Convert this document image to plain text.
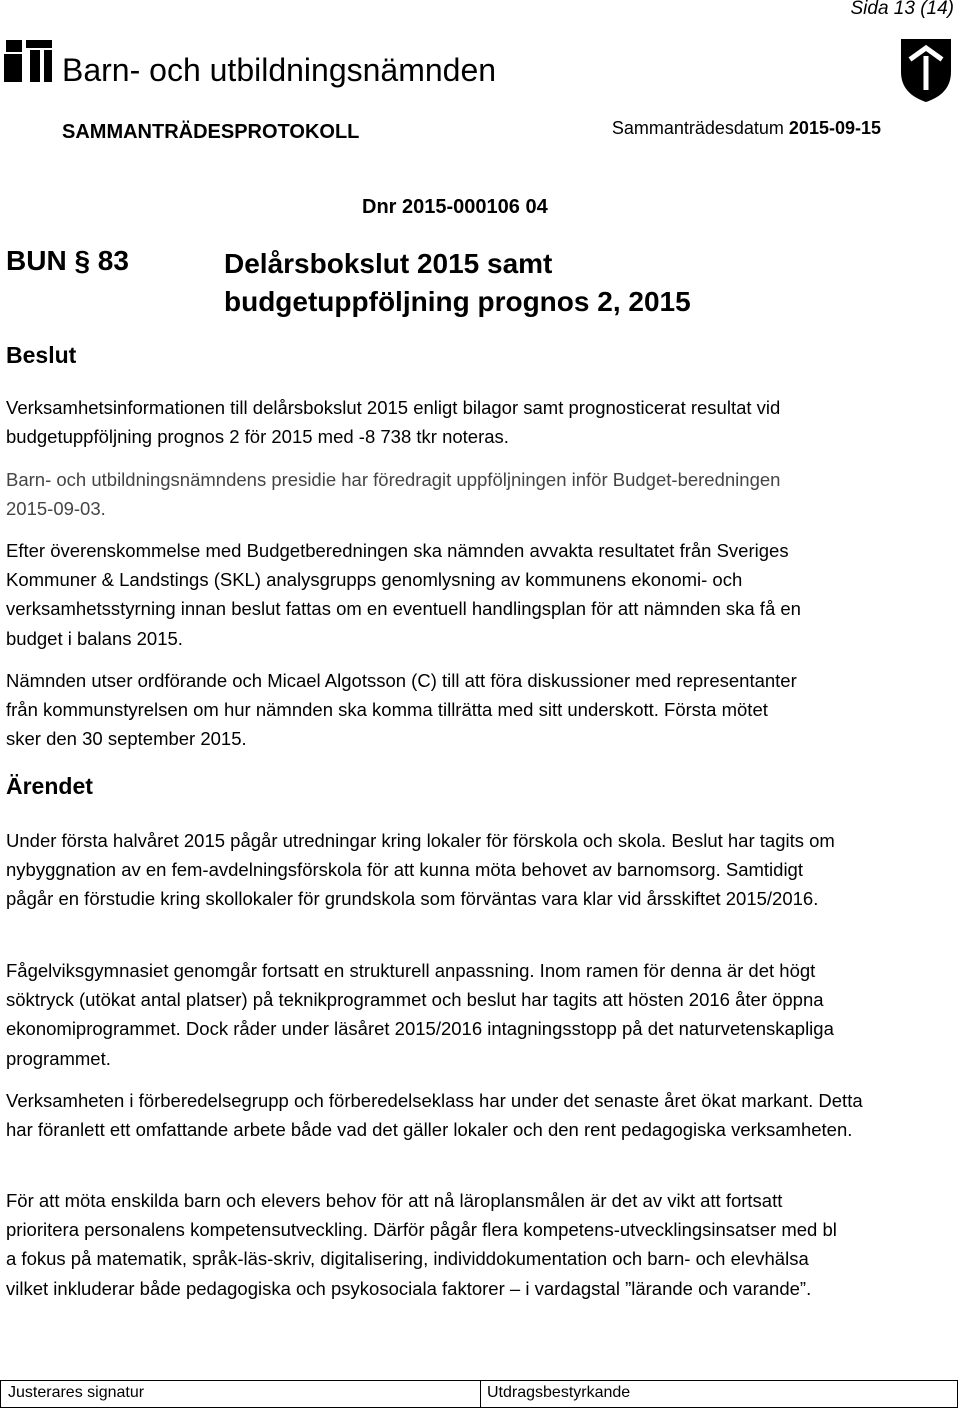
Sida 13 (14)
Barn- och utbildningsnämnden
SAMMANTRÄDESPROTOKOLL	Sammanträdesdatum 2015-09-15
Dnr 2015-000106 04
BUN § 83	Delårsbokslut 2015 samt
budgetuppföljning prognos 2, 2015
Beslut
Verksamhetsinformationen till delårsbokslut 2015 enligt bilagor samt prognosticerat resultat vid budgetuppföljning prognos 2 för 2015 med -8 738 tkr noteras.
Barn- och utbildningsnämndens presidie har föredragit uppföljningen inför Budget-beredningen 2015-09-03.
Efter överenskommelse med Budgetberedningen ska nämnden avvakta resultatet från Sveriges Kommuner & Landstings (SKL) analysgrupps genomlysning av kommunens ekonomi- och verksamhetsstyrning innan beslut fattas om en eventuell handlingsplan för att nämnden ska få en budget i balans 2015.
Nämnden utser ordförande och Micael Algotsson (C) till att föra diskussioner med representanter från kommunstyrelsen om hur nämnden ska komma tillrätta med sitt underskott. Första mötet sker den 30 september 2015.
Ärendet
Under första halvåret 2015 pågår utredningar kring lokaler för förskola och skola. Beslut har tagits om nybyggnation av en fem-avdelningsförskola för att kunna möta behovet av barnomsorg. Samtidigt pågår en förstudie kring skollokaler för grundskola som förväntas vara klar vid årsskiftet 2015/2016.
Fågelviksgymnasiet genomgår fortsatt en strukturell anpassning. Inom ramen för denna är det högt söktryck (utökat antal platser) på teknikprogrammet och beslut har tagits att hösten 2016 åter öppna ekonomiprogrammet. Dock råder under läsåret 2015/2016 intagningsstopp på det naturvetenskapliga programmet.
Verksamheten i förberedelsegrupp och förberedelseklass har under det senaste året ökat markant. Detta har föranlett ett omfattande arbete både vad det gäller lokaler och den rent pedagogiska verksamheten.
För att möta enskilda barn och elevers behov för att nå läroplansmålen är det av vikt att fortsatt prioritera personalens kompetensutveckling. Därför pågår flera kompetens-utvecklingsinsatser med bl a fokus på matematik, språk-läs-skriv, digitalisering, individdokumentation och barn- och elevhälsa vilket inkluderar både pedagogiska och psykosociala faktorer – i vardagstal ”lärande och varande”.
Justerares signatur	Utdragsbestyrkande
